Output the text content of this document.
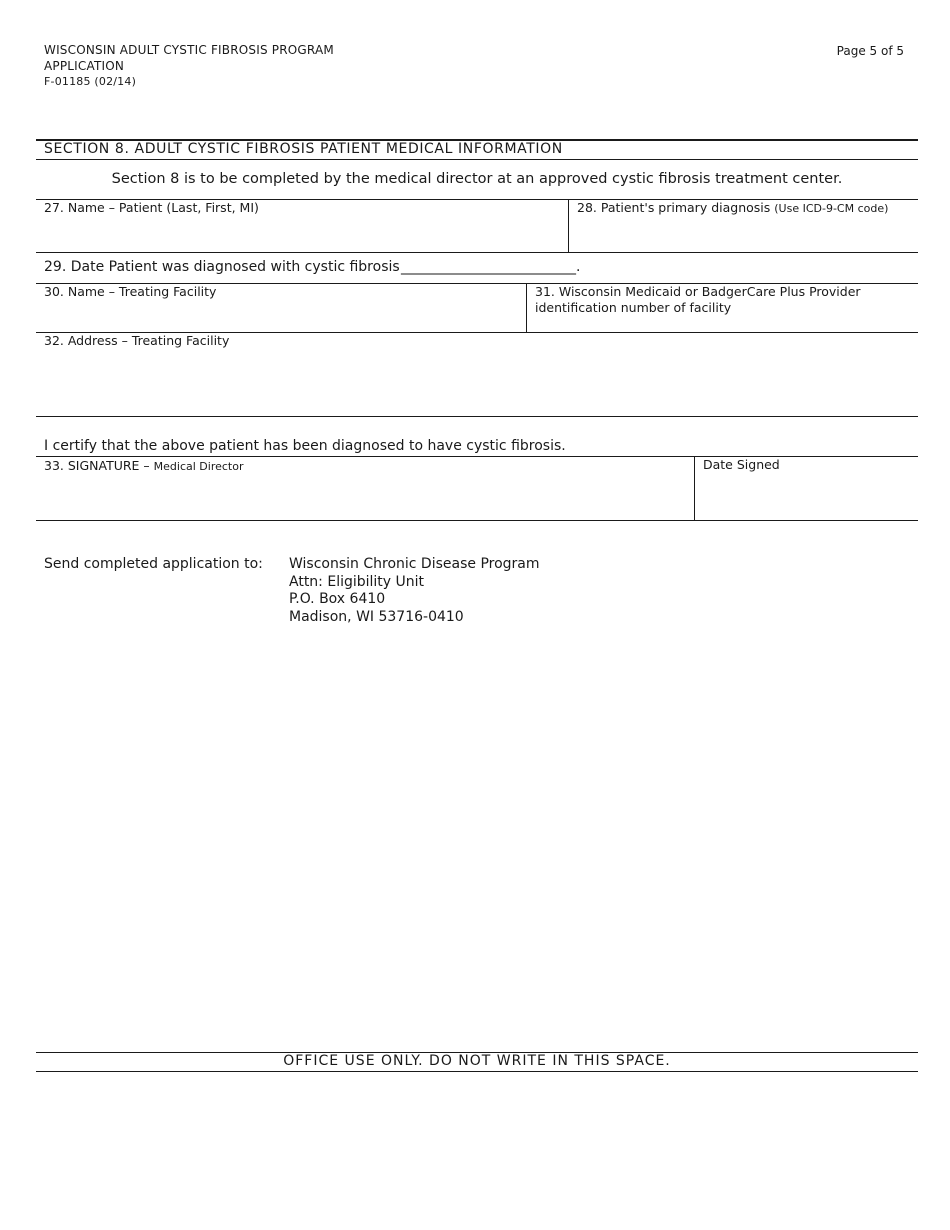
WISCONSIN ADULT CYSTIC FIBROSIS PROGRAM
APPLICATION
F-01185 (02/14)
Page 5 of 5
SECTION 8. ADULT CYSTIC FIBROSIS PATIENT MEDICAL INFORMATION
Section 8 is to be completed by the medical director at an approved cystic fibrosis treatment center.
27. Name – Patient (Last, First, MI)	28. Patient's primary diagnosis (Use ICD-9-CM code)
29. Date Patient was diagnosed with cystic fibrosis _________________________.
30. Name – Treating Facility	31. Wisconsin Medicaid or BadgerCare Plus Provider
identification number of facility
32. Address – Treating Facility
I certify that the above patient has been diagnosed to have cystic fibrosis.
33. SIGNATURE – Medical Director	Date Signed
Send completed application to: Wisconsin Chronic Disease Program
Attn: Eligibility Unit
P.O. Box 6410
Madison, WI 53716-0410
OFFICE USE ONLY. DO NOT WRITE IN THIS SPACE.
